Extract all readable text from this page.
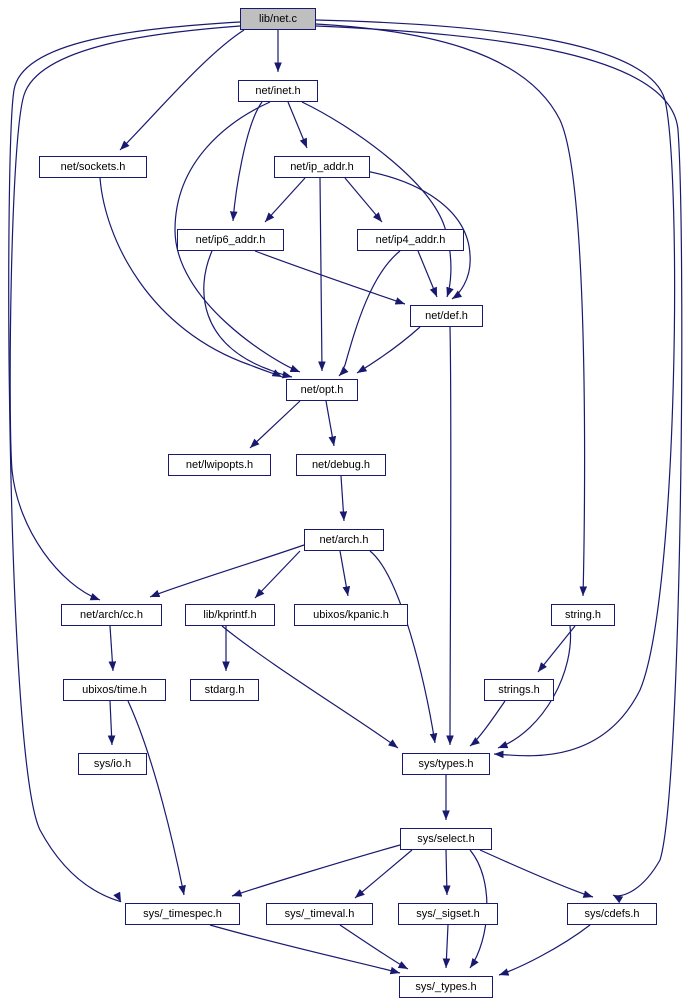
lib/net.c
net/inet.h
net/sockets.h	net/ip_addr.h
net/ip6_addr.h	net/ip4_addr.h
net/def.h
net/opt.h
net/lwipopts.h	net/debug.h
net/arch.h
net/arch/cc.h	lib/kprintf.h	ubixos/kpanic.h	string.h
ubixos/time.h	stdarg.h	strings.h
sys/io.h	sys/types.h
sys/select.h
sys/_timespec.h	sys/_timeval.h	sys/_sigset.h	sys/cdefs.h
sys/_types.h
